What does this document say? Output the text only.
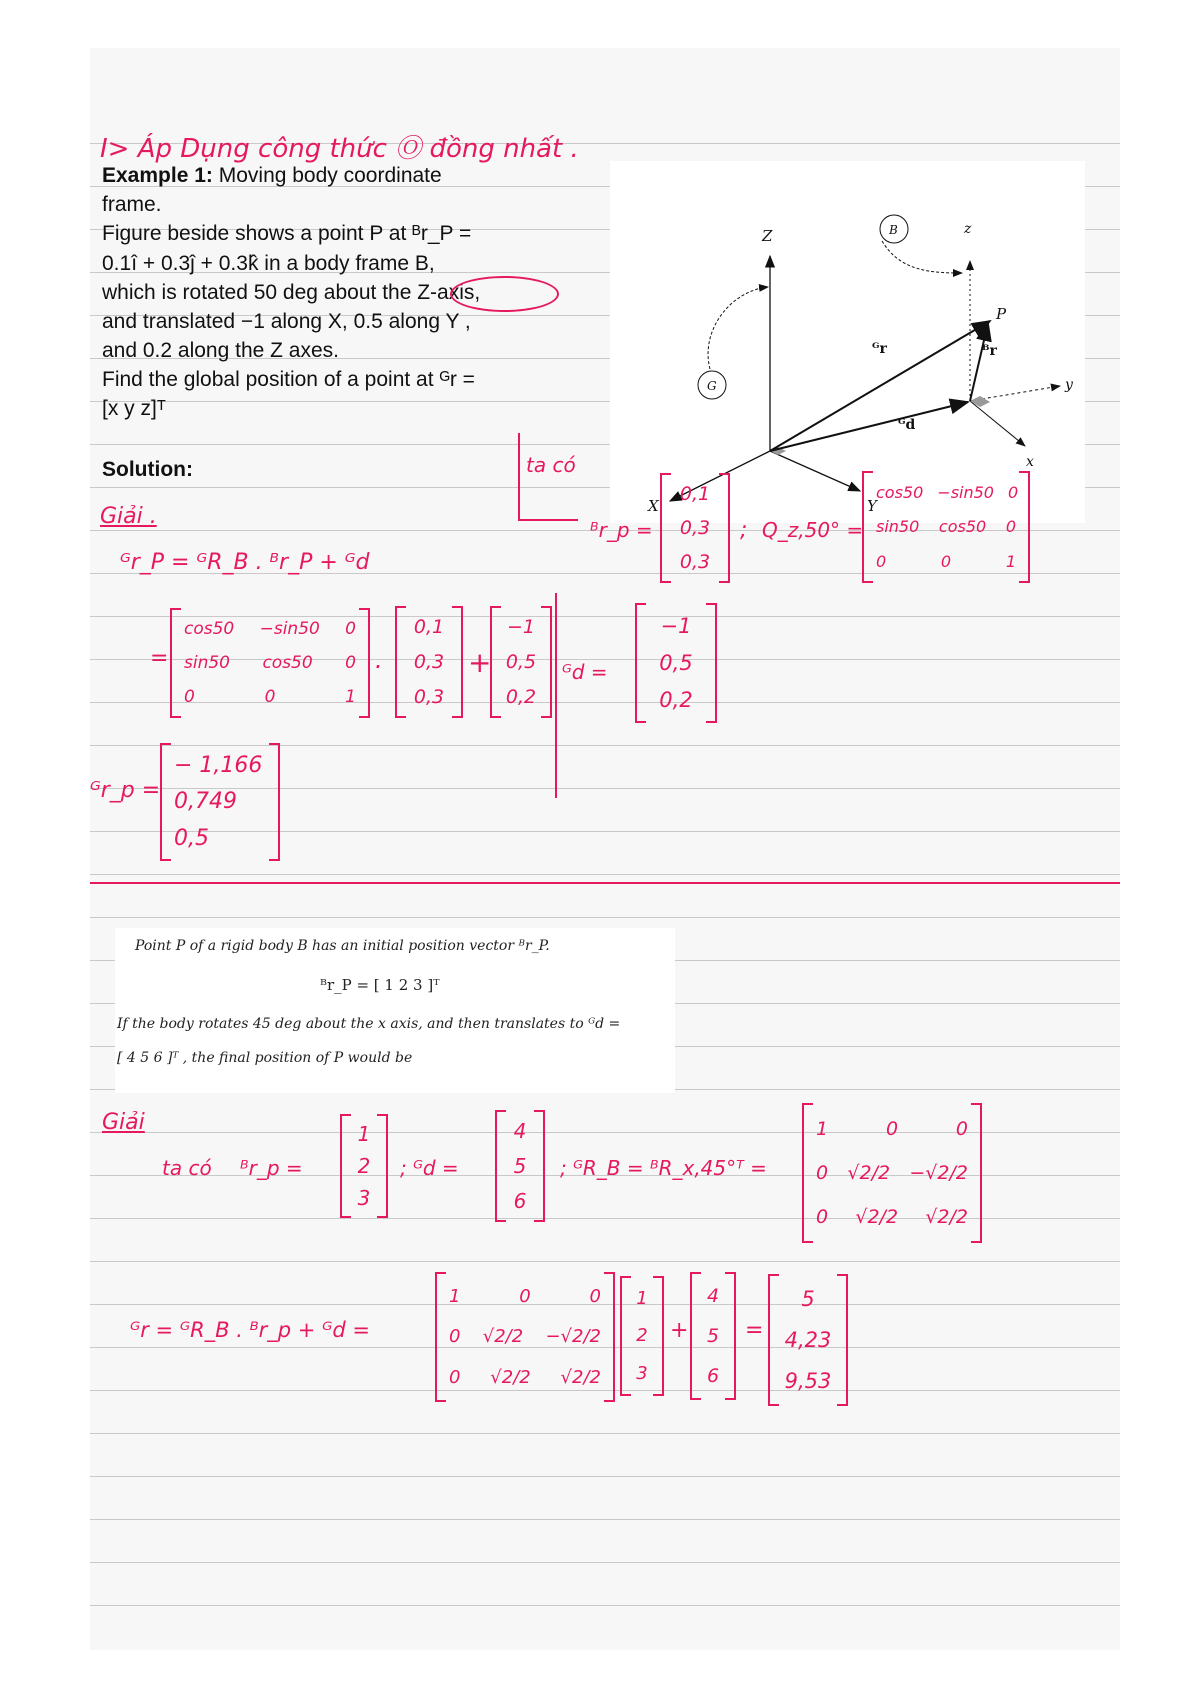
I> Áp Dụng công thức Ⓞ đồng nhất .
Example 1: Moving body coordinate
frame.
Figure beside shows a point P at ᴮr_P =
0.1î + 0.3ĵ + 0.3k̂ in a body frame B,
which is rotated 50 deg about the Z-axis,
and translated −1 along X, 0.5 along Y ,
and 0.2 along the Z axes.
Find the global position of a point at ᴳr =
[x y z]ᵀ
Solution:
Z
X	Y
z
x
y
P
B
G
ᴳr	ᴮr
ᴳd
Giải .
ᴳr_P = ᴳR_B . ᴮr_P + ᴳd
=
cos50 −sin50 0
sin50 cos50 0
0	0	1
.
0,1
0,3
0,3
+
−1
0,5
0,2
ᴳr_p =
− 1,166
0,749
0,5
ta có
ᴮr_p =
0,1
0,3
0,3
; Q_z,50° =
cos50 −sin50 0
sin50 cos50 0
0	0	1
ᴳd =
−1
0,5
0,2
Point P of a rigid body B has an initial position vector ᴮr_P.
ᴮr_P = [ 1 2 3 ]ᵀ
If the body rotates 45 deg about the x axis, and then translates to ᴳd =
[ 4 5 6 ]ᵀ , the final position of P would be
Giải
ta có ᴮr_p =
1
2
3
; ᴳd =
4
5
6
; ᴳR_B = ᴮR_x,45°ᵀ =
1	0	0
0 √2/2 −√2/2
0 √2/2 √2/2
ᴳr = ᴳR_B . ᴮr_p + ᴳd =
1	0	0
0 √2/2 −√2/2
0 √2/2 √2/2
1
2
3
+
4
5
6
=
5
4,23
9,53
